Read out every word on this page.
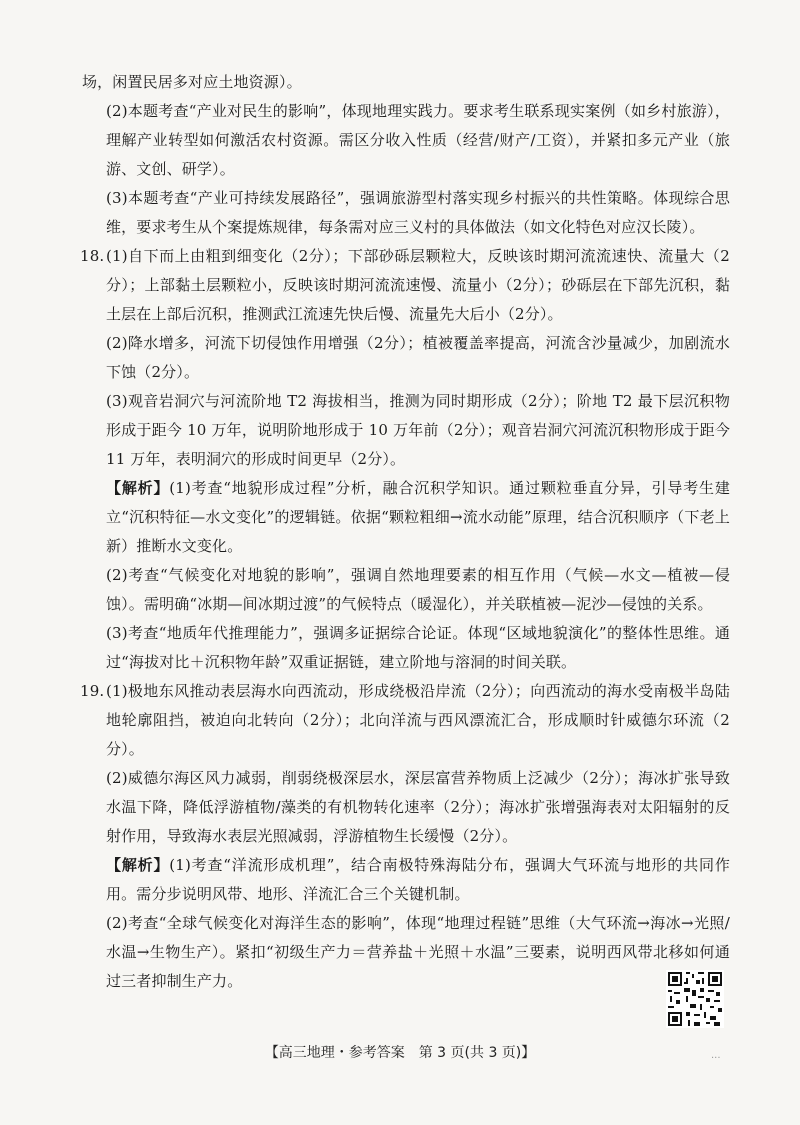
场，闲置民居多对应土地资源）。

(2)本题考查“产业对民生的影响”，体现地理实践力。要求考生联系现实案例（如乡村旅游），理解产业转型如何激活农村资源。需区分收入性质（经营/财产/工资），并紧扣多元产业（旅游、文创、研学）。

(3)本题考查“产业可持续发展路径”，强调旅游型村落实现乡村振兴的共性策略。体现综合思维，要求考生从个案提炼规律，每条需对应三义村的具体做法（如文化特色对应汉长陵）。

18. (1)自下而上由粗到细变化（2分）；下部砂砾层颗粒大，反映该时期河流流速快、流量大（2分）；上部黏土层颗粒小，反映该时期河流流速慢、流量小（2分）；砂砾层在下部先沉积，黏土层在上部后沉积，推测武江流速先快后慢、流量先大后小（2分）。

(2)降水增多，河流下切侵蚀作用增强（2分）；植被覆盖率提高，河流含沙量减少，加剧流水下蚀（2分）。

(3)观音岩洞穴与河流阶地 T2 海拔相当，推测为同时期形成（2分）；阶地 T2 最下层沉积物形成于距今 10 万年，说明阶地形成于 10 万年前（2分）；观音岩洞穴河流沉积物形成于距今 11 万年，表明洞穴的形成时间更早（2分）。

【解析】(1)考查“地貌形成过程”分析，融合沉积学知识。通过颗粒垂直分异，引导考生建立“沉积特征—水文变化”的逻辑链。依据“颗粒粗细→流水动能”原理，结合沉积顺序（下老上新）推断水文变化。

(2)考查“气候变化对地貌的影响”，强调自然地理要素的相互作用（气候—水文—植被—侵蚀）。需明确“冰期—间冰期过渡”的气候特点（暖湿化），并关联植被—泥沙—侵蚀的关系。

(3)考查“地质年代推理能力”，强调多证据综合论证。体现“区域地貌演化”的整体性思维。通过“海拔对比＋沉积物年龄”双重证据链，建立阶地与溶洞的时间关联。

19. (1)极地东风推动表层海水向西流动，形成绕极沿岸流（2分）；向西流动的海水受南极半岛陆地轮廓阻挡，被迫向北转向（2分）；北向洋流与西风漂流汇合，形成顺时针威德尔环流（2分）。

(2)威德尔海区风力减弱，削弱绕极深层水，深层富营养物质上泛减少（2分）；海冰扩张导致水温下降，降低浮游植物/藻类的有机物转化速率（2分）；海冰扩张增强海表对太阳辐射的反射作用，导致海水表层光照减弱，浮游植物生长缓慢（2分）。

【解析】(1)考查“洋流形成机理”，结合南极特殊海陆分布，强调大气环流与地形的共同作用。需分步说明风带、地形、洋流汇合三个关键机制。

(2)考查“全球气候变化对海洋生态的影响”，体现“地理过程链”思维（大气环流→海冰→光照/水温→生物生产）。紧扣“初级生产力＝营养盐＋光照＋水温”三要素，说明西风带北移如何通过三者抑制生产力。

【高三地理・参考答案　第 3 页(共 3 页)】	...
